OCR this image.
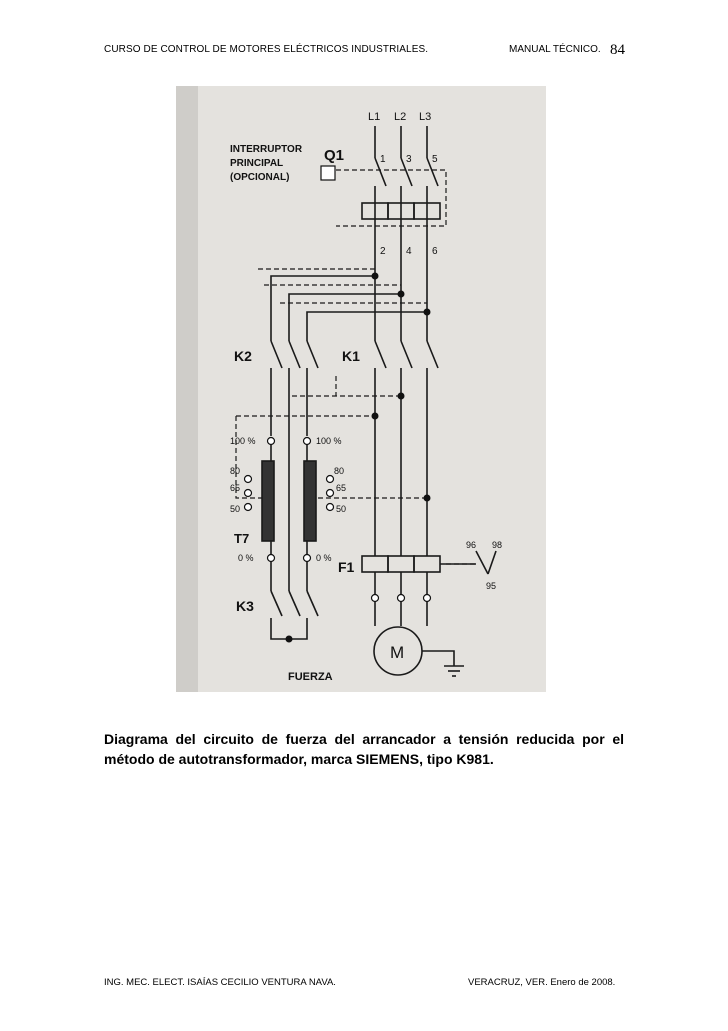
CURSO DE CONTROL DE MOTORES ELÉCTRICOS INDUSTRIALES.	MANUAL TÉCNICO. 84
L1 L2 L3
Q1
INTERRUPTOR
PRINCIPAL
(OPCIONAL)
1 3 5
2 4 6
K1
K2
K3
T7
100 %	100 %
80	80
65	65
50	50
0 %	0 %
F1
96 98
95
M
FUERZA
Diagrama del circuito de fuerza del arrancador a tensión reducida por el método de autotransformador, marca SIEMENS, tipo K981.
ING. MEC. ELECT. ISAÍAS CECILIO VENTURA NAVA.	VERACRUZ, VER. Enero de 2008.
